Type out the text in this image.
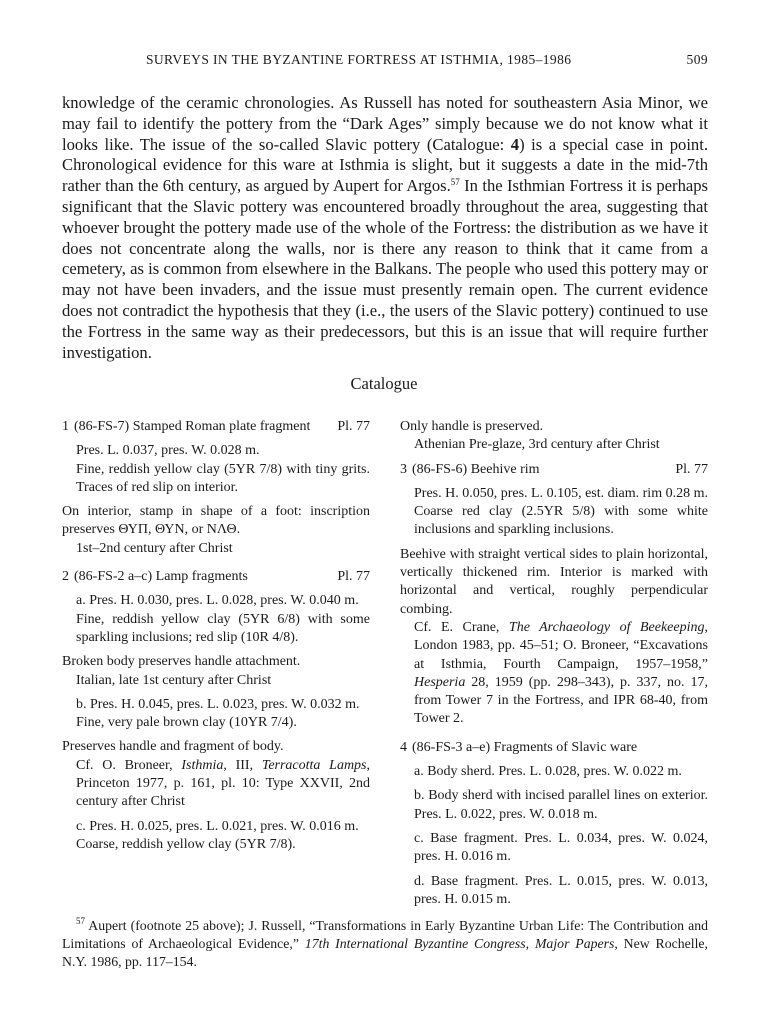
SURVEYS IN THE BYZANTINE FORTRESS AT ISTHMIA, 1985–1986	509

knowledge of the ceramic chronologies. As Russell has noted for southeastern Asia Minor, we may fail to identify the pottery from the “Dark Ages” simply because we do not know what it looks like. The issue of the so-called Slavic pottery (Catalogue: 4) is a special case in point. Chronological evidence for this ware at Isthmia is slight, but it suggests a date in the mid-7th rather than the 6th century, as argued by Aupert for Argos.$^{57}$ In the Isthmian Fortress it is perhaps significant that the Slavic pottery was encountered broadly throughout the area, suggesting that whoever brought the pottery made use of the whole of the Fortress: the distribution as we have it does not concentrate along the walls, nor is there any reason to think that it came from a cemetery, as is common from elsewhere in the Balkans. The people who used this pottery may or may not have been invaders, and the issue must presently remain open. The current evidence does not contradict the hypothesis that they (i.e., the users of the Slavic pottery) continued to use the Fortress in the same way as their predecessors, but this is an issue that will require further investigation.

Catalogue
1	Pl. 77
(86-FS-7) Stamped Roman plate fragment

Pres. L. 0.037, pres. W. 0.028 m.

Fine, reddish yellow clay (5YR 7/8) with tiny grits. Traces of red slip on interior.

On interior, stamp in shape of a foot: inscription preserves ΘΥΠ, ΘΥΝ, or ΝΛΘ.

1st–2nd century after Christ

2	Pl. 77
(86-FS-2 a–c) Lamp fragments

a. Pres. H. 0.030, pres. L. 0.028, pres. W. 0.040 m.

Fine, reddish yellow clay (5YR 6/8) with some sparkling inclusions; red slip (10R 4/8).

Broken body preserves handle attachment.

Italian, late 1st century after Christ

b. Pres. H. 0.045, pres. L. 0.023, pres. W. 0.032 m.

Fine, very pale brown clay (10YR 7/4).

Preserves handle and fragment of body.

Cf. O. Broneer, Isthmia, III, Terracotta Lamps, Princeton 1977, p. 161, pl. 10: Type XXVII, 2nd century after Christ

c. Pres. H. 0.025, pres. L. 0.021, pres. W. 0.016 m.

Coarse, reddish yellow clay (5YR 7/8).

Only handle is preserved.

Athenian Pre-glaze, 3rd century after Christ

3	Pl. 77
(86-FS-6) Beehive rim

Pres. H. 0.050, pres. L. 0.105, est. diam. rim 0.28 m.

Coarse red clay (2.5YR 5/8) with some white inclusions and sparkling inclusions.

Beehive with straight vertical sides to plain horizontal, vertically thickened rim. Interior is marked with horizontal and vertical, roughly perpendicular combing.

Cf. E. Crane, The Archaeology of Beekeeping, London 1983, pp. 45–51; O. Broneer, “Excavations at Isthmia, Fourth Campaign, 1957–1958,” Hesperia 28, 1959 (pp. 298–343), p. 337, no. 17, from Tower 7 in the Fortress, and IPR 68-40, from Tower 2.

4 (86-FS-3 a–e) Fragments of Slavic ware

a. Body sherd. Pres. L. 0.028, pres. W. 0.022 m.

b. Body sherd with incised parallel lines on exterior. Pres. L. 0.022, pres. W. 0.018 m.

c. Base fragment. Pres. L. 0.034, pres. W. 0.024, pres. H. 0.016 m.

d. Base fragment. Pres. L. 0.015, pres. W. 0.013, pres. H. 0.015 m.

$^{57}$ Aupert (footnote 25 above); J. Russell, “Transformations in Early Byzantine Urban Life: The Contribution and Limitations of Archaeological Evidence,” 17th International Byzantine Congress, Major Papers, New Rochelle, N.Y. 1986, pp. 117–154.
